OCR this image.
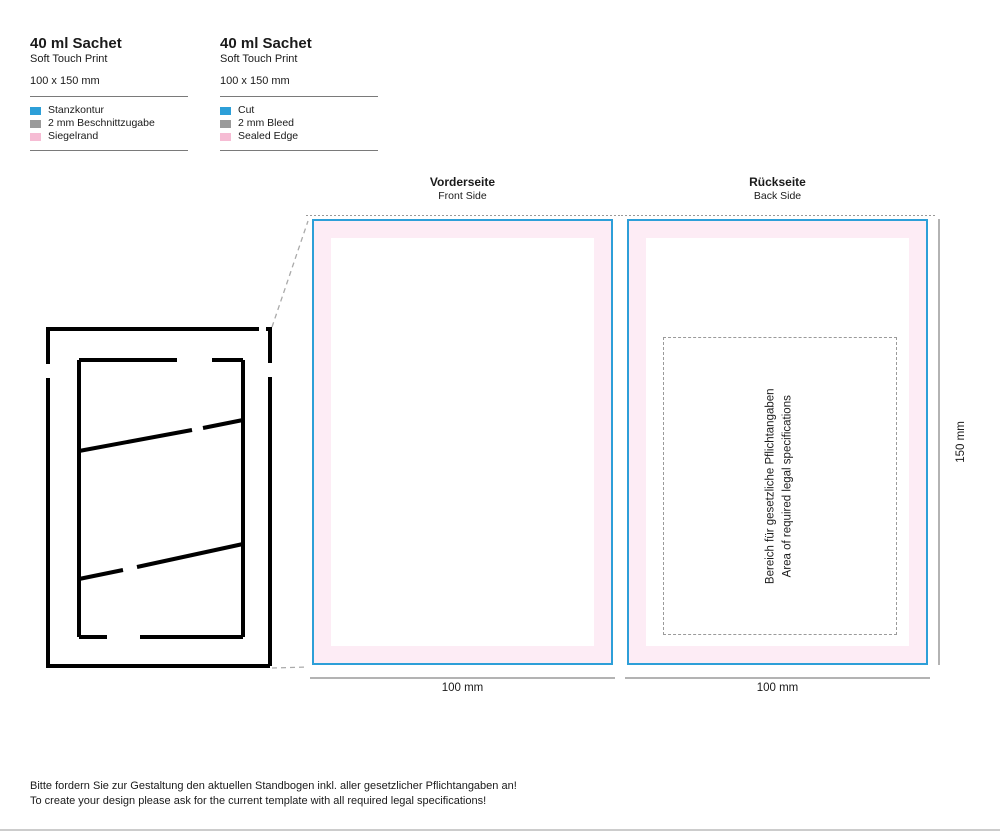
40 ml Sachet
Soft Touch Print
100 x 150 mm
Stanzkontur
2 mm Beschnittzugabe
Siegelrand
40 ml Sachet
Soft Touch Print
100 x 150 mm
Cut
2 mm Bleed
Sealed Edge
Vorderseite
Front Side
Rückseite
Back Side
Bereich für gesetzliche Pflichtangaben Area of required legal specifications
100 mm	100 mm
150 mm
Bitte fordern Sie zur Gestaltung den aktuellen Standbogen inkl. aller gesetzlicher Pflichtangaben an!
To create your design please ask for the current template with all required legal specifications!
